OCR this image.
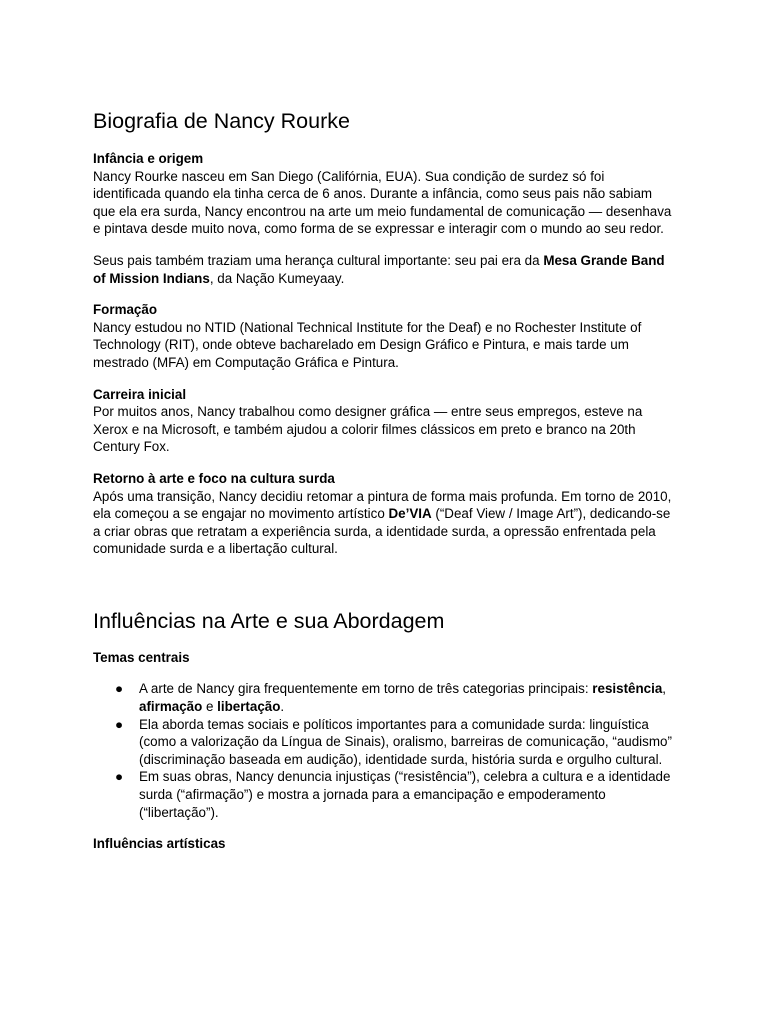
Biografia de Nancy Rourke
Infância e origem

Nancy Rourke nasceu em San Diego (Califórnia, EUA). Sua condição de surdez só foi identificada quando ela tinha cerca de 6 anos. Durante a infância, como seus pais não sabiam que ela era surda, Nancy encontrou na arte um meio fundamental de comunicação — desenhava e pintava desde muito nova, como forma de se expressar e interagir com o mundo ao seu redor.

Seus pais também traziam uma herança cultural importante: seu pai era da Mesa Grande Band of Mission Indians, da Nação Kumeyaay.

Formação

Nancy estudou no NTID (National Technical Institute for the Deaf) e no Rochester Institute of Technology (RIT), onde obteve bacharelado em Design Gráfico e Pintura, e mais tarde um mestrado (MFA) em Computação Gráfica e Pintura.

Carreira inicial

Por muitos anos, Nancy trabalhou como designer gráfica — entre seus empregos, esteve na Xerox e na Microsoft, e também ajudou a colorir filmes clássicos em preto e branco na 20th Century Fox.

Retorno à arte e foco na cultura surda

Após uma transição, Nancy decidiu retomar a pintura de forma mais profunda. Em torno de 2010, ela começou a se engajar no movimento artístico De’VIA (“Deaf View / Image Art”), dedicando-se a criar obras que retratam a experiência surda, a identidade surda, a opressão enfrentada pela comunidade surda e a libertação cultural.

Influências na Arte e sua Abordagem
Temas centrais
● A arte de Nancy gira frequentemente em torno de três categorias principais: resistência, afirmação e libertação.
● Ela aborda temas sociais e políticos importantes para a comunidade surda: linguística (como a valorização da Língua de Sinais), oralismo, barreiras de comunicação, “audismo” (discriminação baseada em audição), identidade surda, história surda e orgulho cultural.
● Em suas obras, Nancy denuncia injustiças (“resistência”), celebra a cultura e a identidade surda (“afirmação”) e mostra a jornada para a emancipação e empoderamento (“libertação”).
Influências artísticas
